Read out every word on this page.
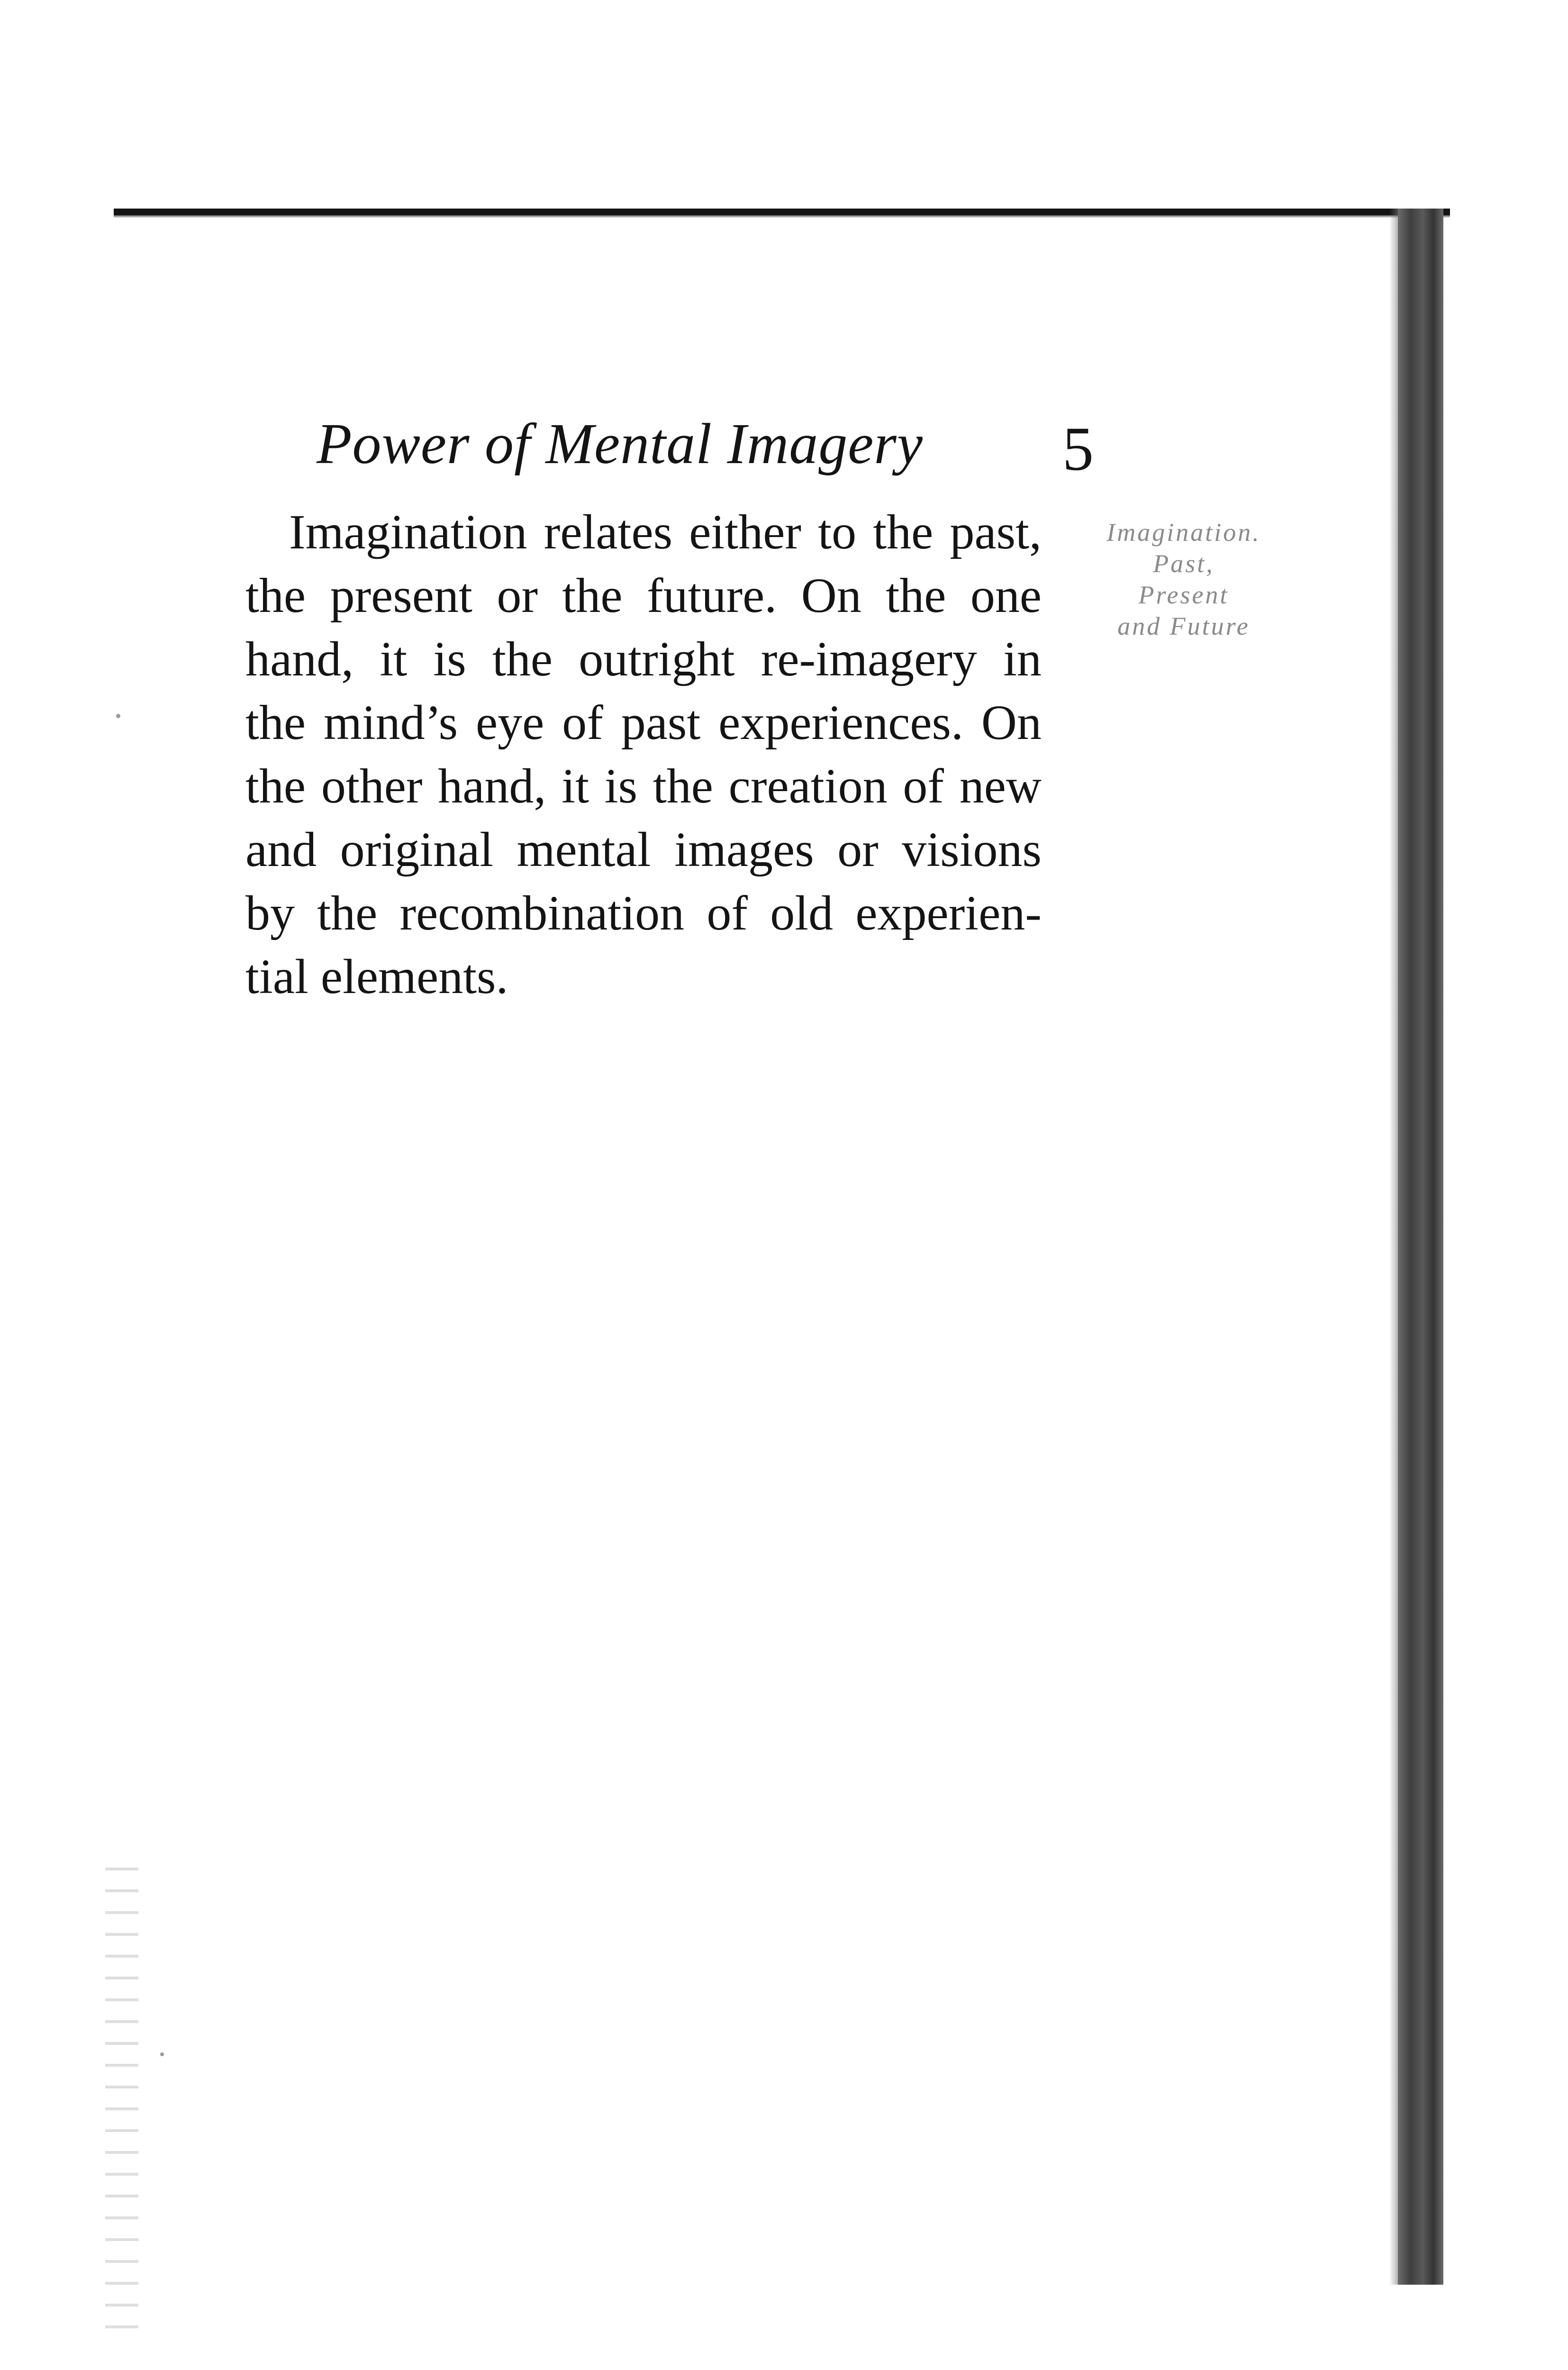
Power of Mental Imagery 5
Imagination relates either to the past,
the present or the future. On the one
hand, it is the outright re-imagery in
the mind’s eye of past experiences. On
the other hand, it is the creation of new
and original mental images or visions
by the recombination of old experien-
tial elements.
Imagination.
Past,
Present
and Future
